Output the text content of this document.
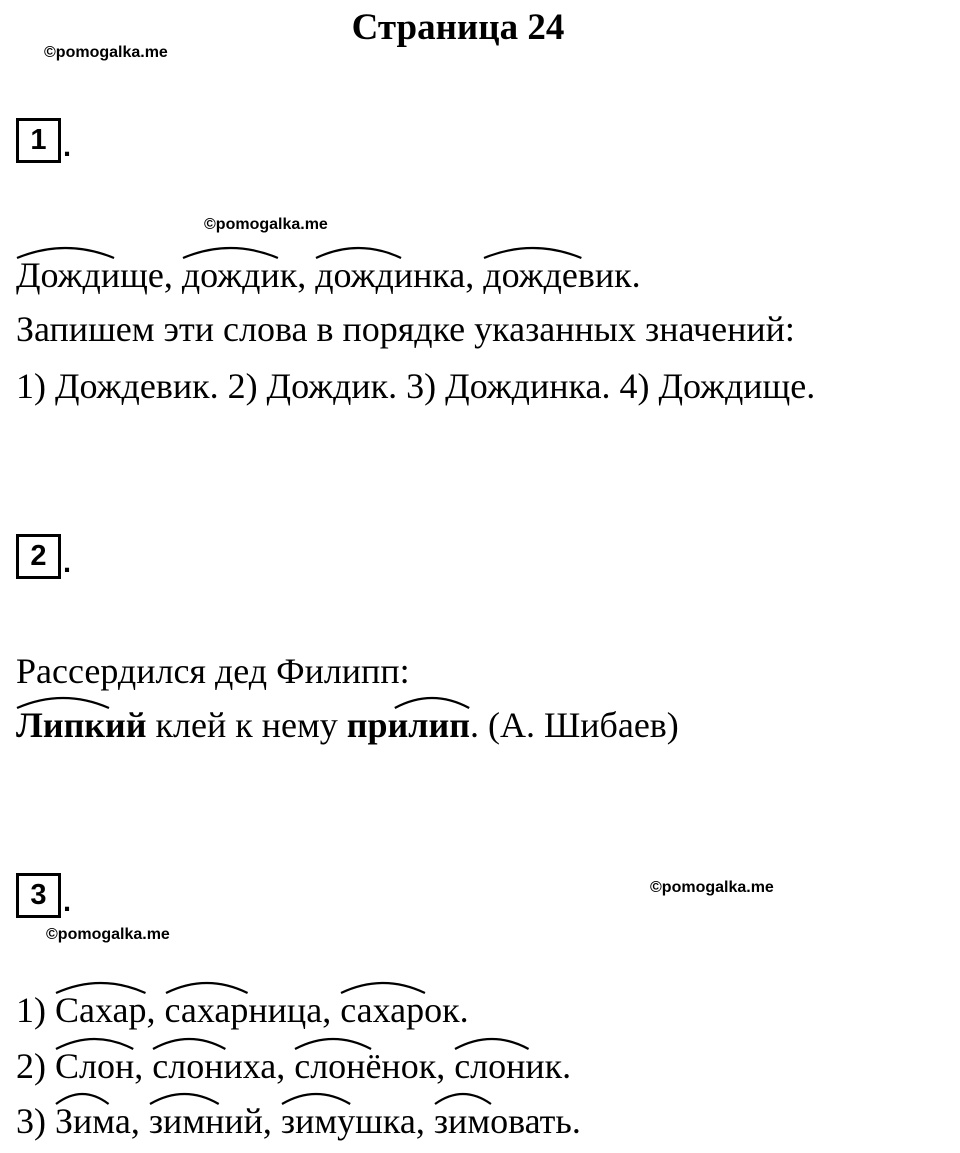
Страница 24
©pomogalka.me
©pomogalka.me
©pomogalka.me
©pomogalka.me
1 .
Дождище
, дождик
, дождинка
, дождевик
.
Запишем эти слова в порядке указанных значений:
1) Дождевик. 2) Дождик. 3) Дождинка. 4) Дождище.
2 .
Рассердился дед Филипп:
Липкий
клей к нему прилип
. (А. Шибаев)
3 .
1) Сахар
, сахарница
, сахарок
.
2) Слон
, слониха
, слонёнок
, слоник
.
3) Зима
, зимний
, зимушка
, зимовать
.
